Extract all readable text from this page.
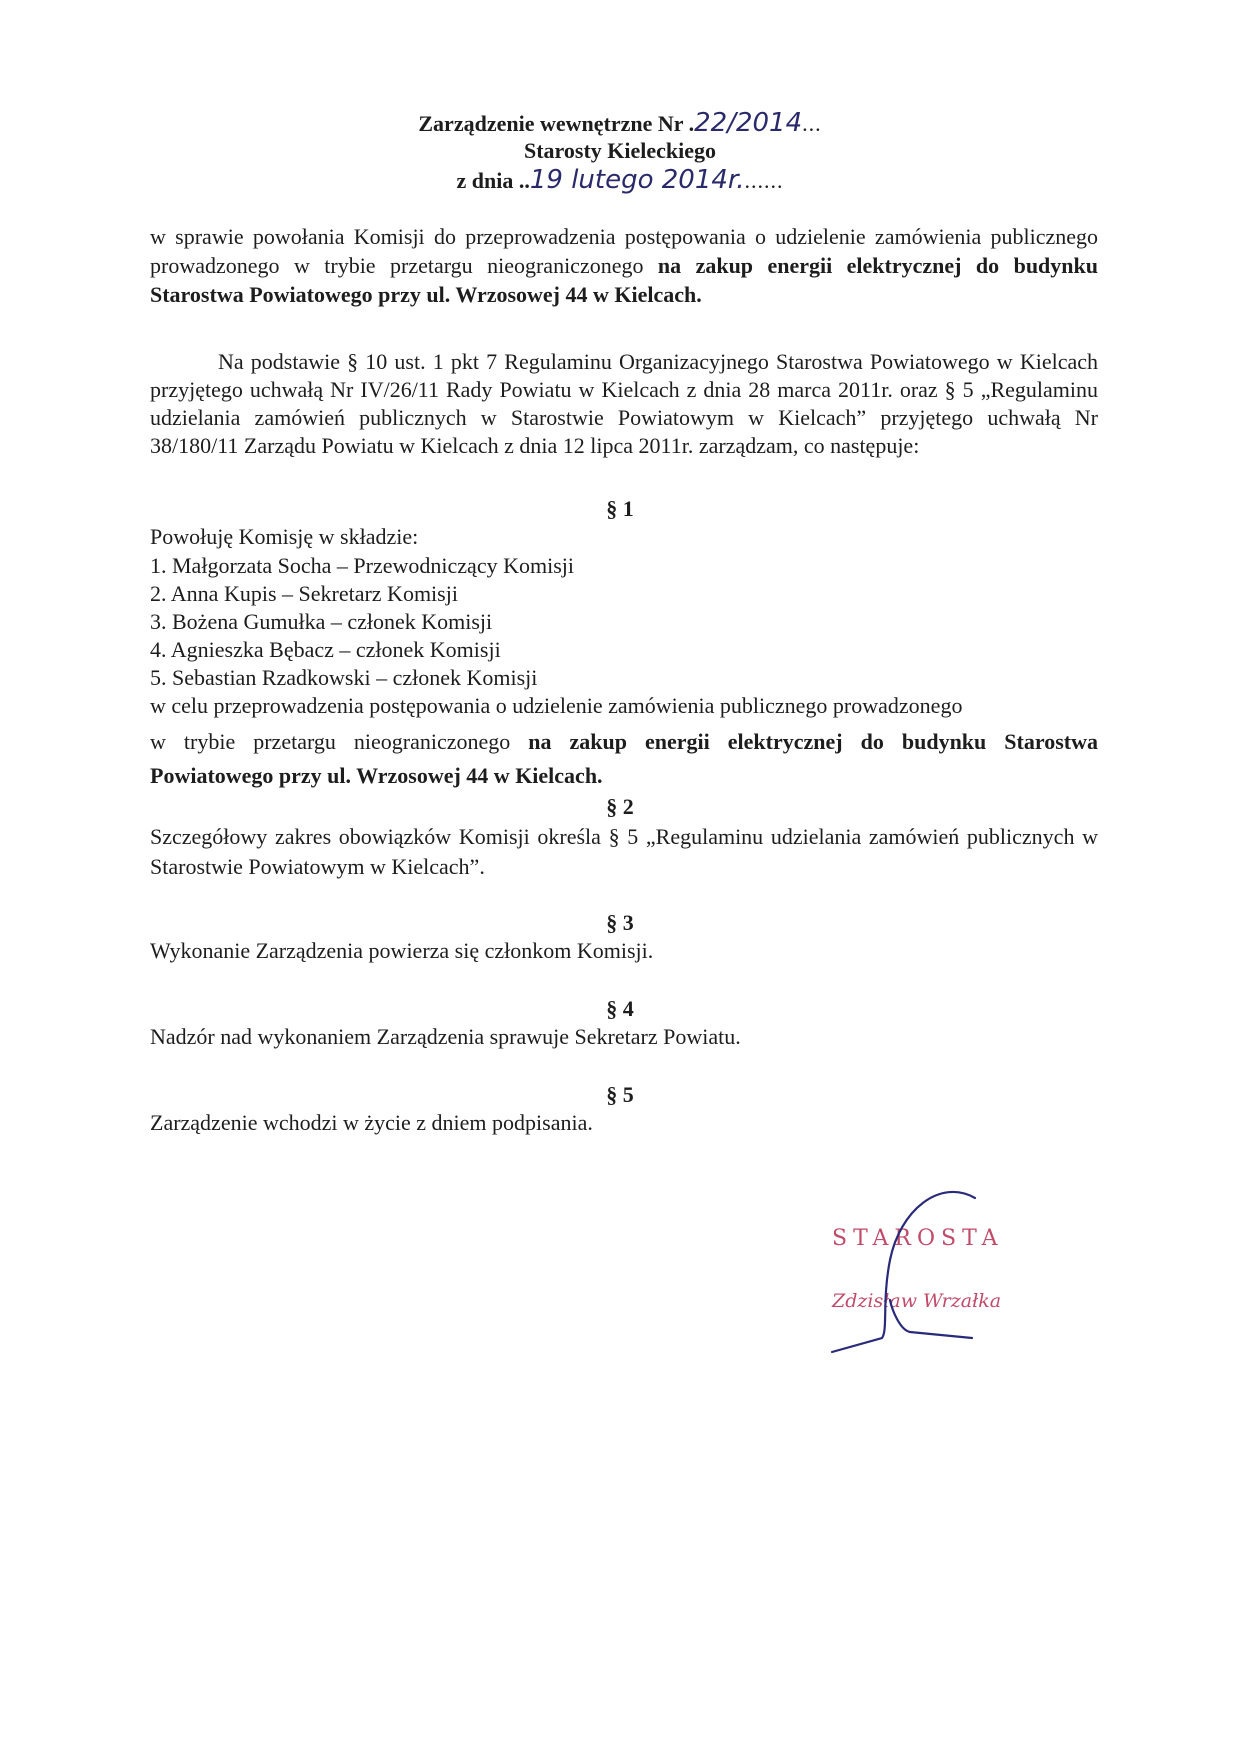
Zarządzenie wewnętrzne Nr .22/2014...
Starosty Kieleckiego
z dnia ..19 lutego 2014r.......
w sprawie powołania Komisji do przeprowadzenia postępowania o udzielenie zamówienia publicznego prowadzonego w trybie przetargu nieograniczonego na zakup energii elektrycznej do budynku Starostwa Powiatowego przy ul. Wrzosowej 44 w Kielcach.
Na podstawie § 10 ust. 1 pkt 7 Regulaminu Organizacyjnego Starostwa Powiatowego w Kielcach przyjętego uchwałą Nr IV/26/11 Rady Powiatu w Kielcach z dnia 28 marca 2011r. oraz § 5 „Regulaminu udzielania zamówień publicznych w Starostwie Powiatowym w Kielcach” przyjętego uchwałą Nr 38/180/11 Zarządu Powiatu w Kielcach z dnia 12 lipca 2011r. zarządzam, co następuje:
§ 1
Powołuję Komisję w składzie:
1. Małgorzata Socha – Przewodniczący Komisji
2. Anna Kupis – Sekretarz Komisji
3. Bożena Gumułka – członek Komisji
4. Agnieszka Bębacz – członek Komisji
5. Sebastian Rzadkowski – członek Komisji
w celu przeprowadzenia postępowania o udzielenie zamówienia publicznego prowadzonego
w trybie przetargu nieograniczonego na zakup energii elektrycznej do budynku Starostwa Powiatowego przy ul. Wrzosowej 44 w Kielcach.
§ 2
Szczegółowy zakres obowiązków Komisji określa § 5 „Regulaminu udzielania zamówień publicznych w Starostwie Powiatowym w Kielcach”.
§ 3
Wykonanie Zarządzenia powierza się członkom Komisji.
§ 4
Nadzór nad wykonaniem Zarządzenia sprawuje Sekretarz Powiatu.
§ 5
Zarządzenie wchodzi w życie z dniem podpisania.
STAROSTA
Zdzisław Wrzałka
